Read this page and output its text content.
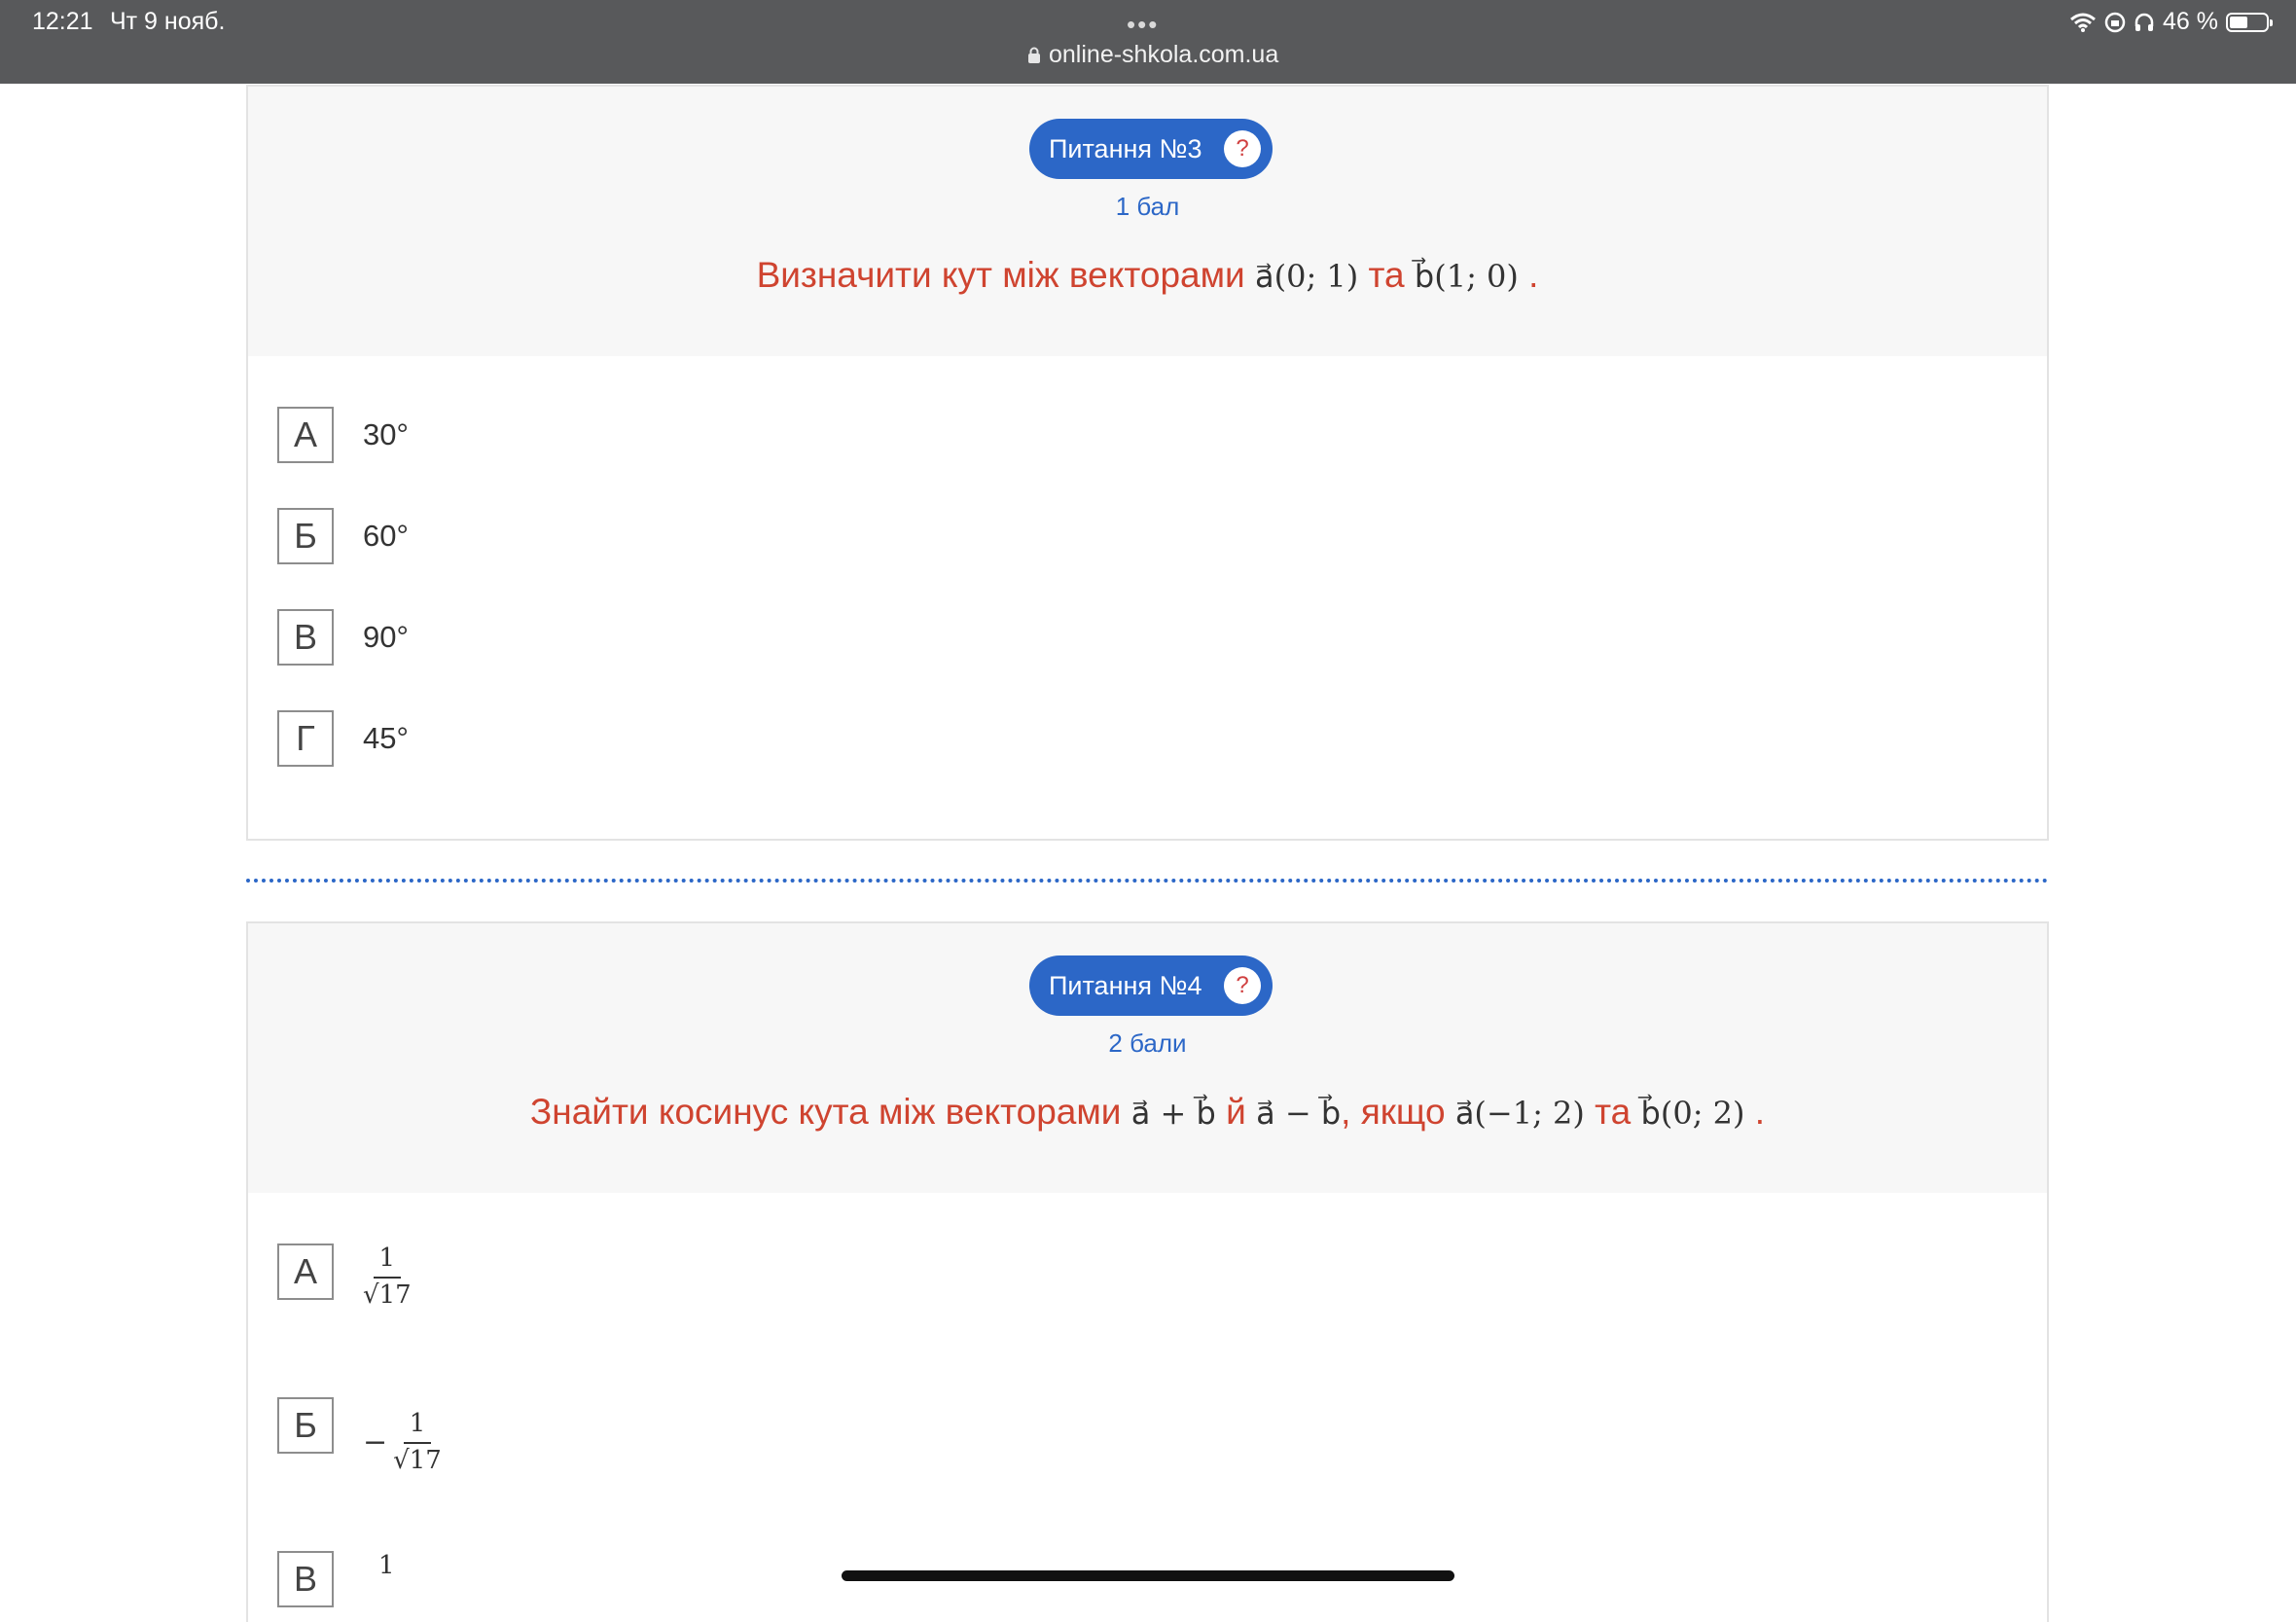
12:21 Чт 9 нояб.	•••
online-shkola.com.ua
46 %
Питання №3	?
1 бал
Визначити кут між векторами a⃗(0; 1) та b⃗(1; 0) .
А	30°
Б	60°
В	90°
Г	45°
Питання №4	?
2 бали
Знайти косинус кута між векторами a⃗ + b⃗ й a⃗ − b⃗, якщо a⃗(−1; 2) та b⃗(0; 2) .
А	$\frac{1}{√17}$
Б	− $\frac{1}{√17}$
В	1
